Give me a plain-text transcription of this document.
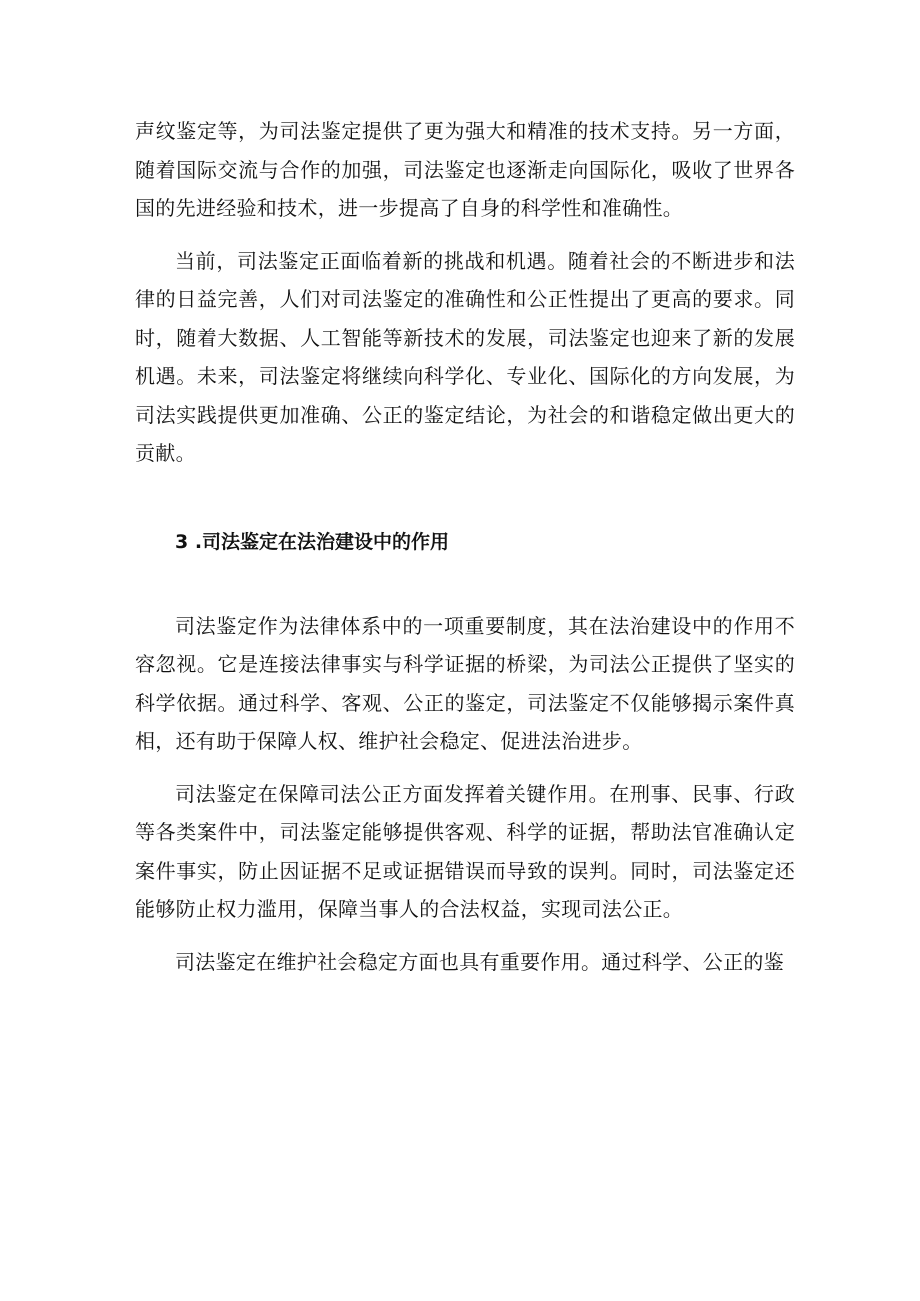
声纹鉴定等，为司法鉴定提供了更为强大和精准的技术支持。另一方面，随着国际交流与合作的加强，司法鉴定也逐渐走向国际化，吸收了世界各国的先进经验和技术，进一步提高了自身的科学性和准确性。

当前，司法鉴定正面临着新的挑战和机遇。随着社会的不断进步和法律的日益完善，人们对司法鉴定的准确性和公正性提出了更高的要求。同时，随着大数据、人工智能等新技术的发展，司法鉴定也迎来了新的发展机遇。未来，司法鉴定将继续向科学化、专业化、国际化的方向发展，为司法实践提供更加准确、公正的鉴定结论，为社会的和谐稳定做出更大的贡献。

3 .司法鉴定在法治建设中的作用

司法鉴定作为法律体系中的一项重要制度，其在法治建设中的作用不容忽视。它是连接法律事实与科学证据的桥梁，为司法公正提供了坚实的科学依据。通过科学、客观、公正的鉴定，司法鉴定不仅能够揭示案件真相，还有助于保障人权、维护社会稳定、促进法治进步。

司法鉴定在保障司法公正方面发挥着关键作用。在刑事、民事、行政等各类案件中，司法鉴定能够提供客观、科学的证据，帮助法官准确认定案件事实，防止因证据不足或证据错误而导致的误判。同时，司法鉴定还能够防止权力滥用，保障当事人的合法权益，实现司法公正。

司法鉴定在维护社会稳定方面也具有重要作用。通过科学、公正的鉴
